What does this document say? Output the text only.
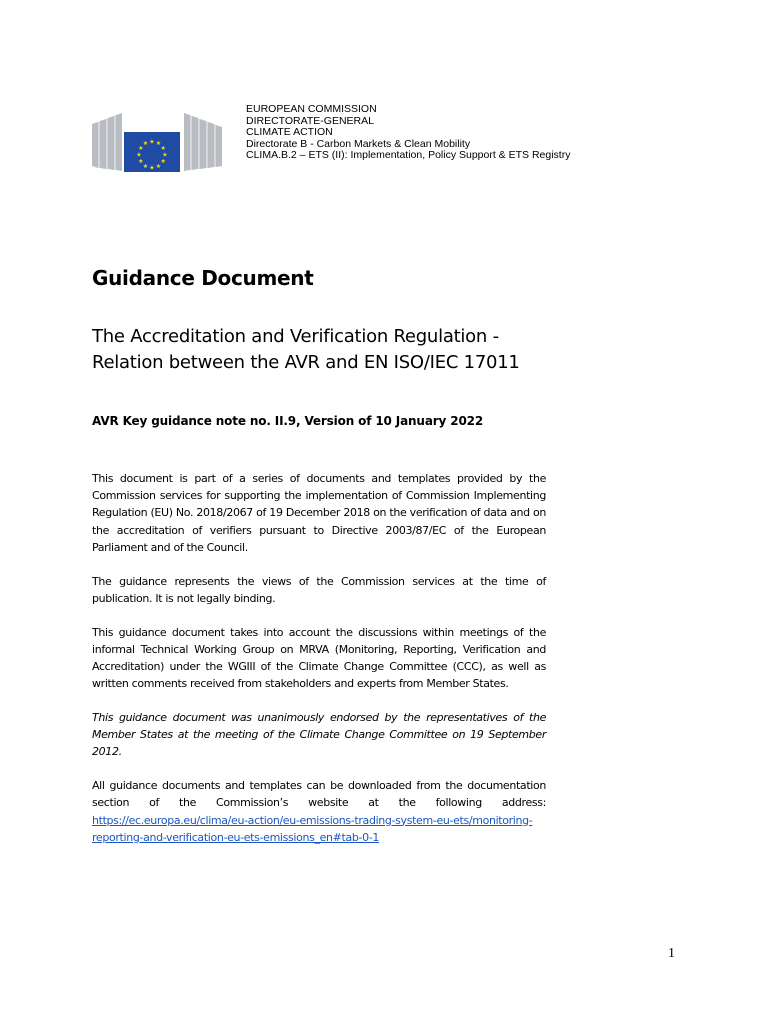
★ ★
★
★
★
★
★
★
★
★
★
★
EUROPEAN COMMISSION
DIRECTORATE-GENERAL
CLIMATE ACTION
Directorate B - Carbon Markets & Clean Mobility
CLIMA.B.2 – ETS (II): Implementation, Policy Support & ETS Registry
Guidance Document
The Accreditation and Verification Regulation -
Relation between the AVR and EN ISO/IEC 17011
AVR Key guidance note no. II.9, Version of 10 January 2022

This document is part of a series of documents and templates provided by the Commission services for supporting the implementation of Commission Implementing Regulation (EU) No. 2018/2067 of 19 December 2018 on the verification of data and on the accreditation of verifiers pursuant to Directive 2003/87/EC of the European Parliament and of the Council.

The guidance represents the views of the Commission services at the time of publication. It is not legally binding.

This guidance document takes into account the discussions within meetings of the informal Technical Working Group on MRVA (Monitoring, Reporting, Verification and Accreditation) under the WGIII of the Climate Change Committee (CCC), as well as written comments received from stakeholders and experts from Member States.

This guidance document was unanimously endorsed by the representatives of the Member States at the meeting of the Climate Change Committee on 19 September 2012.

All guidance documents and templates can be downloaded from the documentation section of the Commission’s website at the following address: https://ec.europa.eu/clima/eu-action/eu-emissions-trading-system-eu-ets/monitoring-reporting-and-verification-eu-ets-emissions_en#tab-0-1

1
